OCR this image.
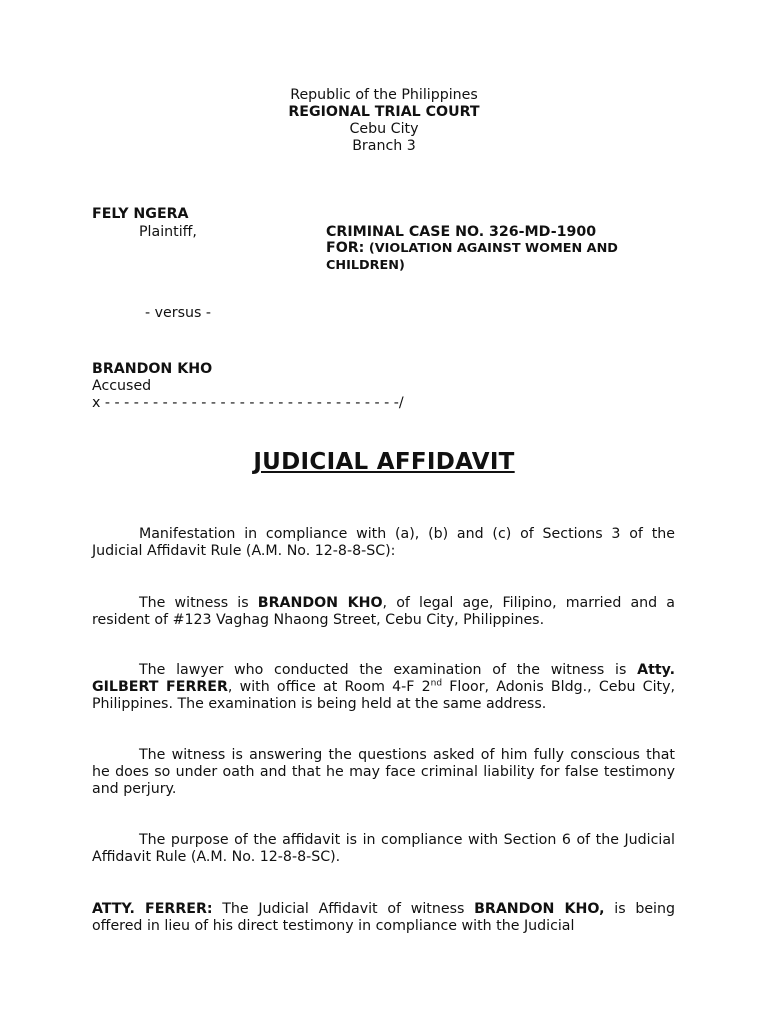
Republic of the Philippines
REGIONAL TRIAL COURT
Cebu City
Branch 3
FELY NGERA
Plaintiff,	CRIMINAL CASE NO. 326-MD-1900
FOR: (VIOLATION AGAINST WOMEN AND
CHILDREN)
- versus -
BRANDON KHO
Accused
x - - - - - - - - - - - - - - - - - - - - - - - - - - - - - - -/
JUDICIAL AFFIDAVIT
Manifestation in compliance with (a), (b) and (c) of Sections 3 of the Judicial Affidavit Rule (A.M. No. 12-8-8-SC):
The witness is BRANDON KHO, of legal age, Filipino, married and a resident of #123 Vaghag Nhaong Street, Cebu City, Philippines.
The lawyer who conducted the examination of the witness is Atty. GILBERT FERRER, with office at Room 4-F 2nd Floor, Adonis Bldg., Cebu City, Philippines. The examination is being held at the same address.
The witness is answering the questions asked of him fully conscious that he does so under oath and that he may face criminal liability for false testimony and perjury.
The purpose of the affidavit is in compliance with Section 6 of the Judicial Affidavit Rule (A.M. No. 12-8-8-SC).
ATTY. FERRER: The Judicial Affidavit of witness BRANDON KHO, is being offered in lieu of his direct testimony in compliance with the Judicial
